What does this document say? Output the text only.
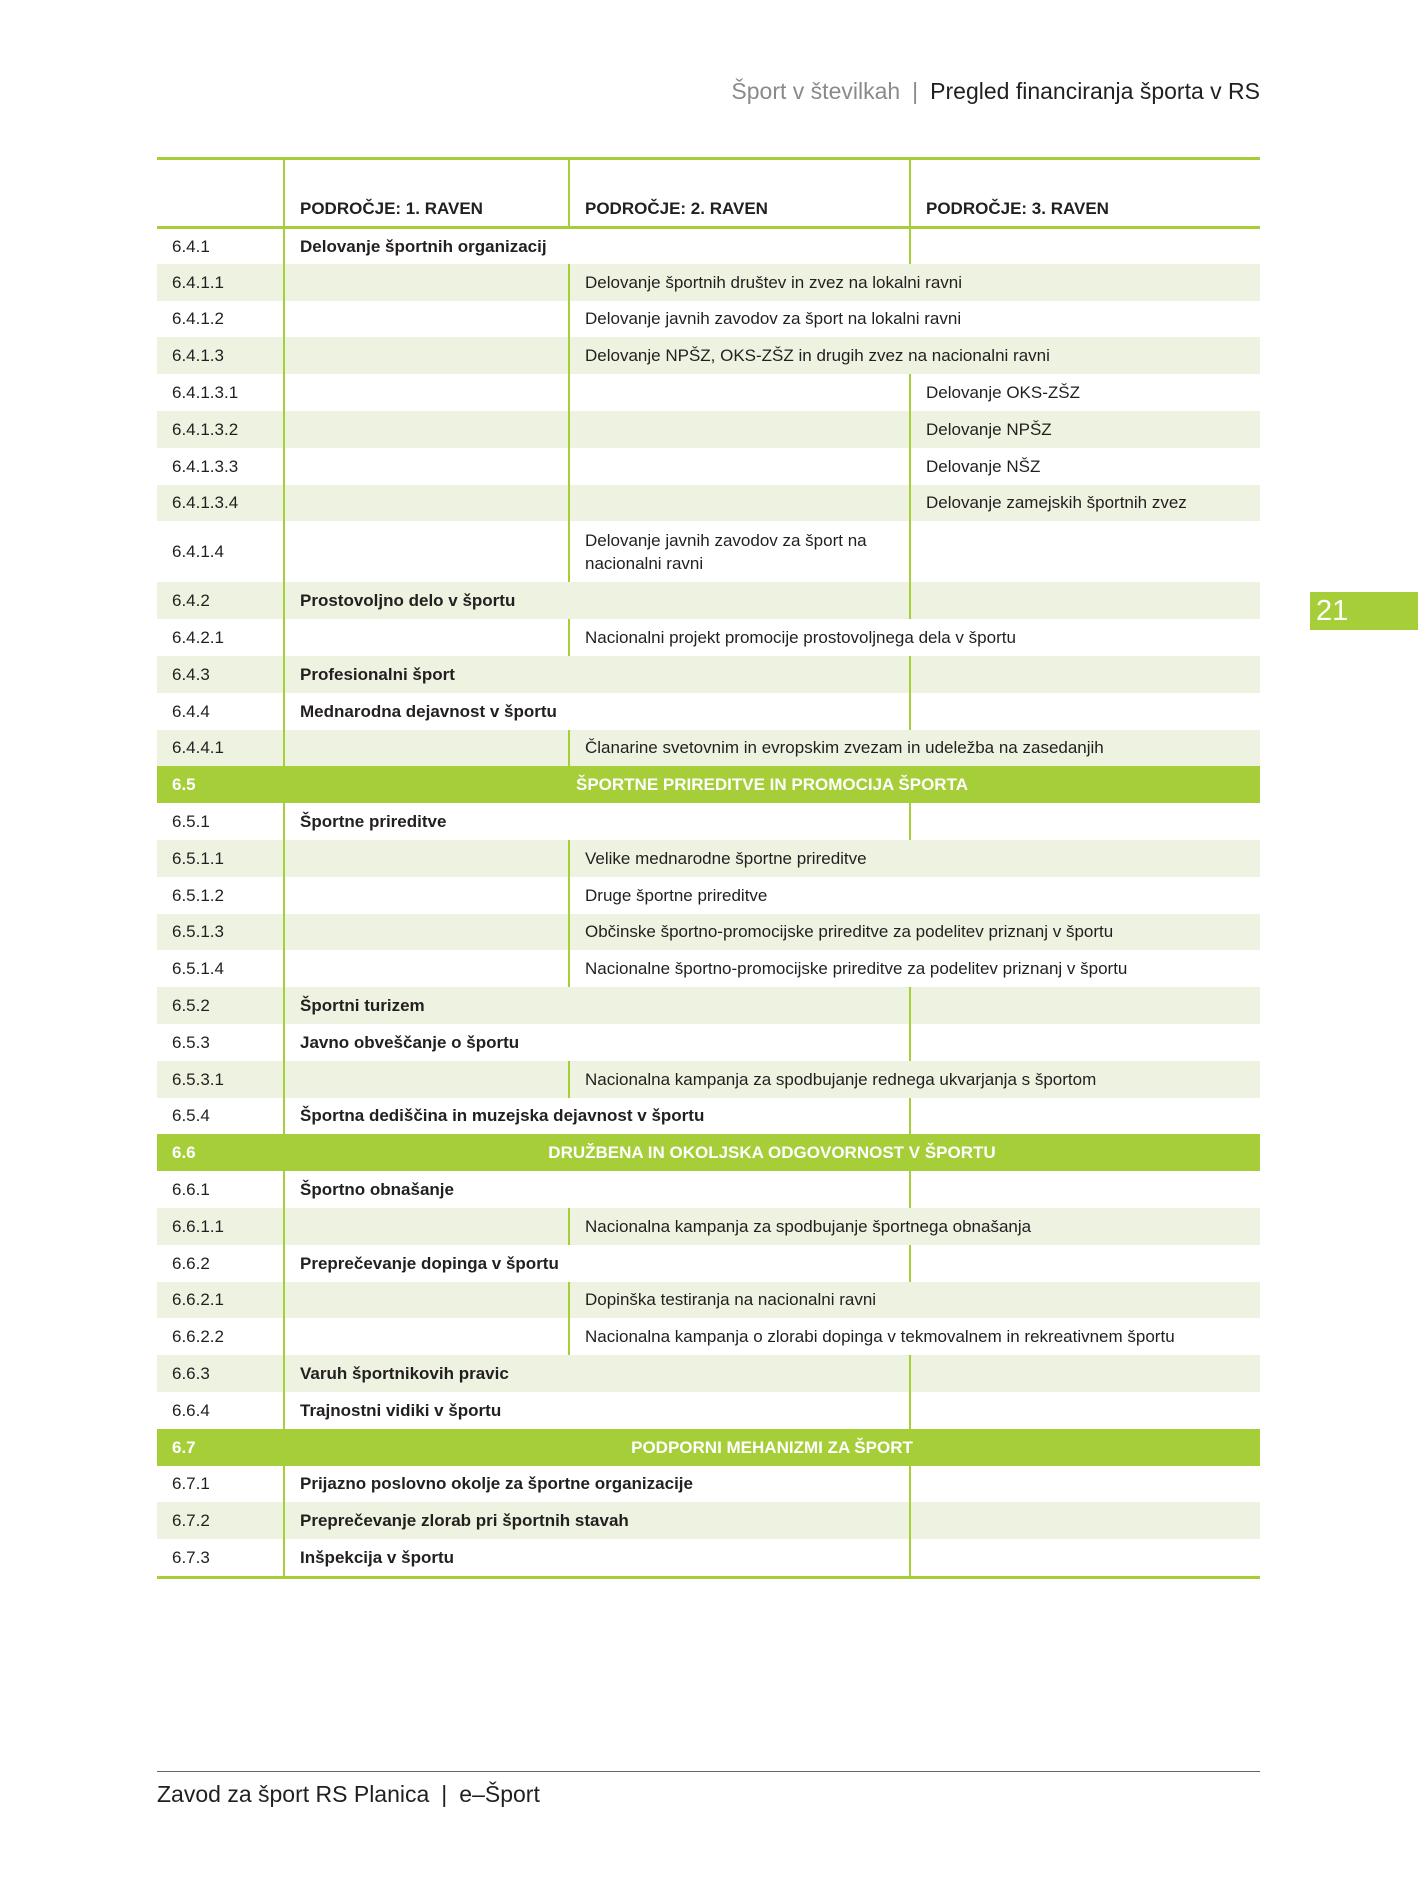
Šport v številkah | Pregled financiranja športa v RS
21
	PODROČJE: 1. RAVEN	PODROČJE: 2. RAVEN	PODROČJE: 3. RAVEN
6.4.1	Delovanje športnih organizacij		
6.4.1.1		Delovanje športnih društev in zvez na lokalni ravni	
6.4.1.2		Delovanje javnih zavodov za šport na lokalni ravni	
6.4.1.3		Delovanje NPŠZ, OKS-ZŠZ in drugih zvez na nacionalni ravni	
6.4.1.3.1			Delovanje OKS-ZŠZ
6.4.1.3.2			Delovanje NPŠZ
6.4.1.3.3			Delovanje NŠZ
6.4.1.3.4			Delovanje zamejskih športnih zvez
6.4.1.4		Delovanje javnih zavodov za šport na nacionalni ravni	
6.4.2	Prostovoljno delo v športu		
6.4.2.1		Nacionalni projekt promocije prostovoljnega dela v športu	
6.4.3	Profesionalni šport		
6.4.4	Mednarodna dejavnost v športu		
6.4.4.1		Članarine svetovnim in evropskim zvezam in udeležba na zasedanjih	
6.5	ŠPORTNE PRIREDITVE IN PROMOCIJA ŠPORTA		
6.5.1	Športne prireditve		
6.5.1.1		Velike mednarodne športne prireditve	
6.5.1.2		Druge športne prireditve	
6.5.1.3		Občinske športno-promocijske prireditve za podelitev priznanj v športu	
6.5.1.4		Nacionalne športno-promocijske prireditve za podelitev priznanj v športu	
6.5.2	Športni turizem		
6.5.3	Javno obveščanje o športu		
6.5.3.1		Nacionalna kampanja za spodbujanje rednega ukvarjanja s športom	
6.5.4	Športna dediščina in muzejska dejavnost v športu		
6.6	DRUŽBENA IN OKOLJSKA ODGOVORNOST V ŠPORTU		
6.6.1	Športno obnašanje		
6.6.1.1		Nacionalna kampanja za spodbujanje športnega obnašanja	
6.6.2	Preprečevanje dopinga v športu		
6.6.2.1		Dopinška testiranja na nacionalni ravni	
6.6.2.2		Nacionalna kampanja o zlorabi dopinga v tekmovalnem in rekreativnem športu	
6.6.3	Varuh športnikovih pravic		
6.6.4	Trajnostni vidiki v športu		
6.7	PODPORNI MEHANIZMI ZA ŠPORT		
6.7.1	Prijazno poslovno okolje za športne organizacije		
6.7.2	Preprečevanje zlorab pri športnih stavah		
6.7.3	Inšpekcija v športu		
Zavod za šport RS Planica | e–Šport
